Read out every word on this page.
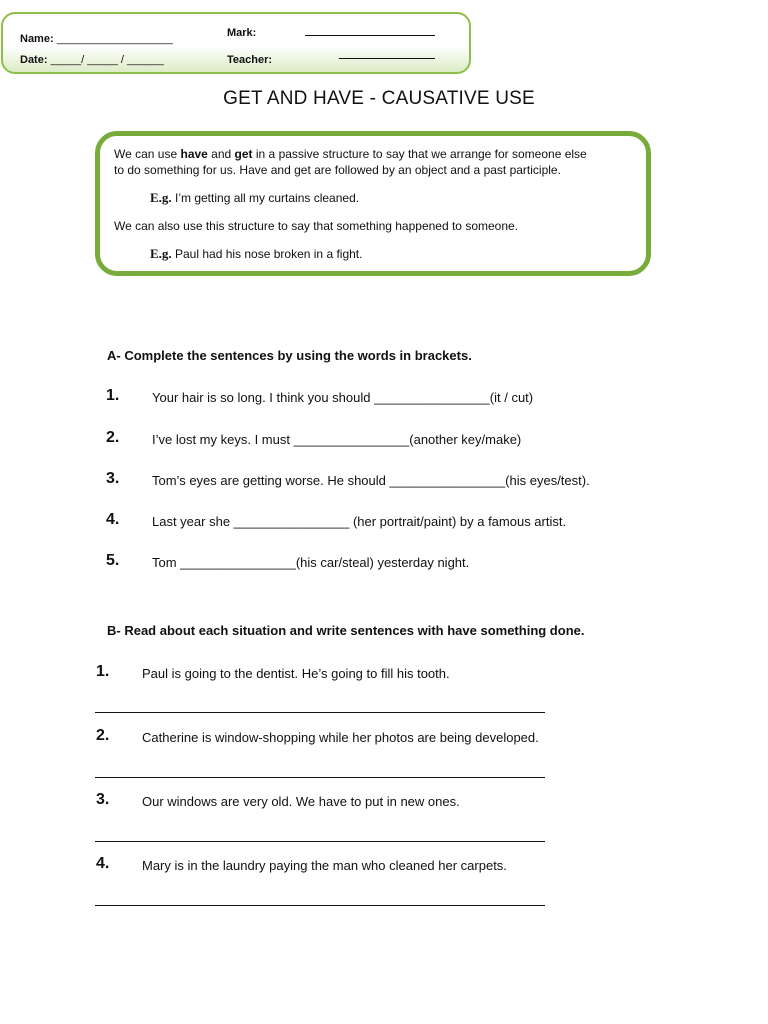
Name: ___________________
Date: _____/ _____ / ______
Mark:
Teacher:
GET AND HAVE - CAUSATIVE USE
We can use have and get in a passive structure to say that we arrange for someone else
to do something for us. Have and get are followed by an object and a past participle.
E.g. I’m getting all my curtains cleaned.
We can also use this structure to say that something happened to someone.
E.g. Paul had his nose broken in a fight.
A- Complete the sentences by using the words in brackets.
1.	Your hair is so long. I think you should ________________(it / cut)
2.	I’ve lost my keys. I must ________________(another key/make)
3.	Tom’s eyes are getting worse. He should ________________(his eyes/test).
4.	Last year she ________________ (her portrait/paint) by a famous artist.
5.	Tom ________________(his car/steal) yesterday night.
B- Read about each situation and write sentences with have something done.
1.	Paul is going to the dentist. He’s going to fill his tooth.
2.	Catherine is window-shopping while her photos are being developed.
3.	Our windows are very old. We have to put in new ones.
4.	Mary is in the laundry paying the man who cleaned her carpets.
